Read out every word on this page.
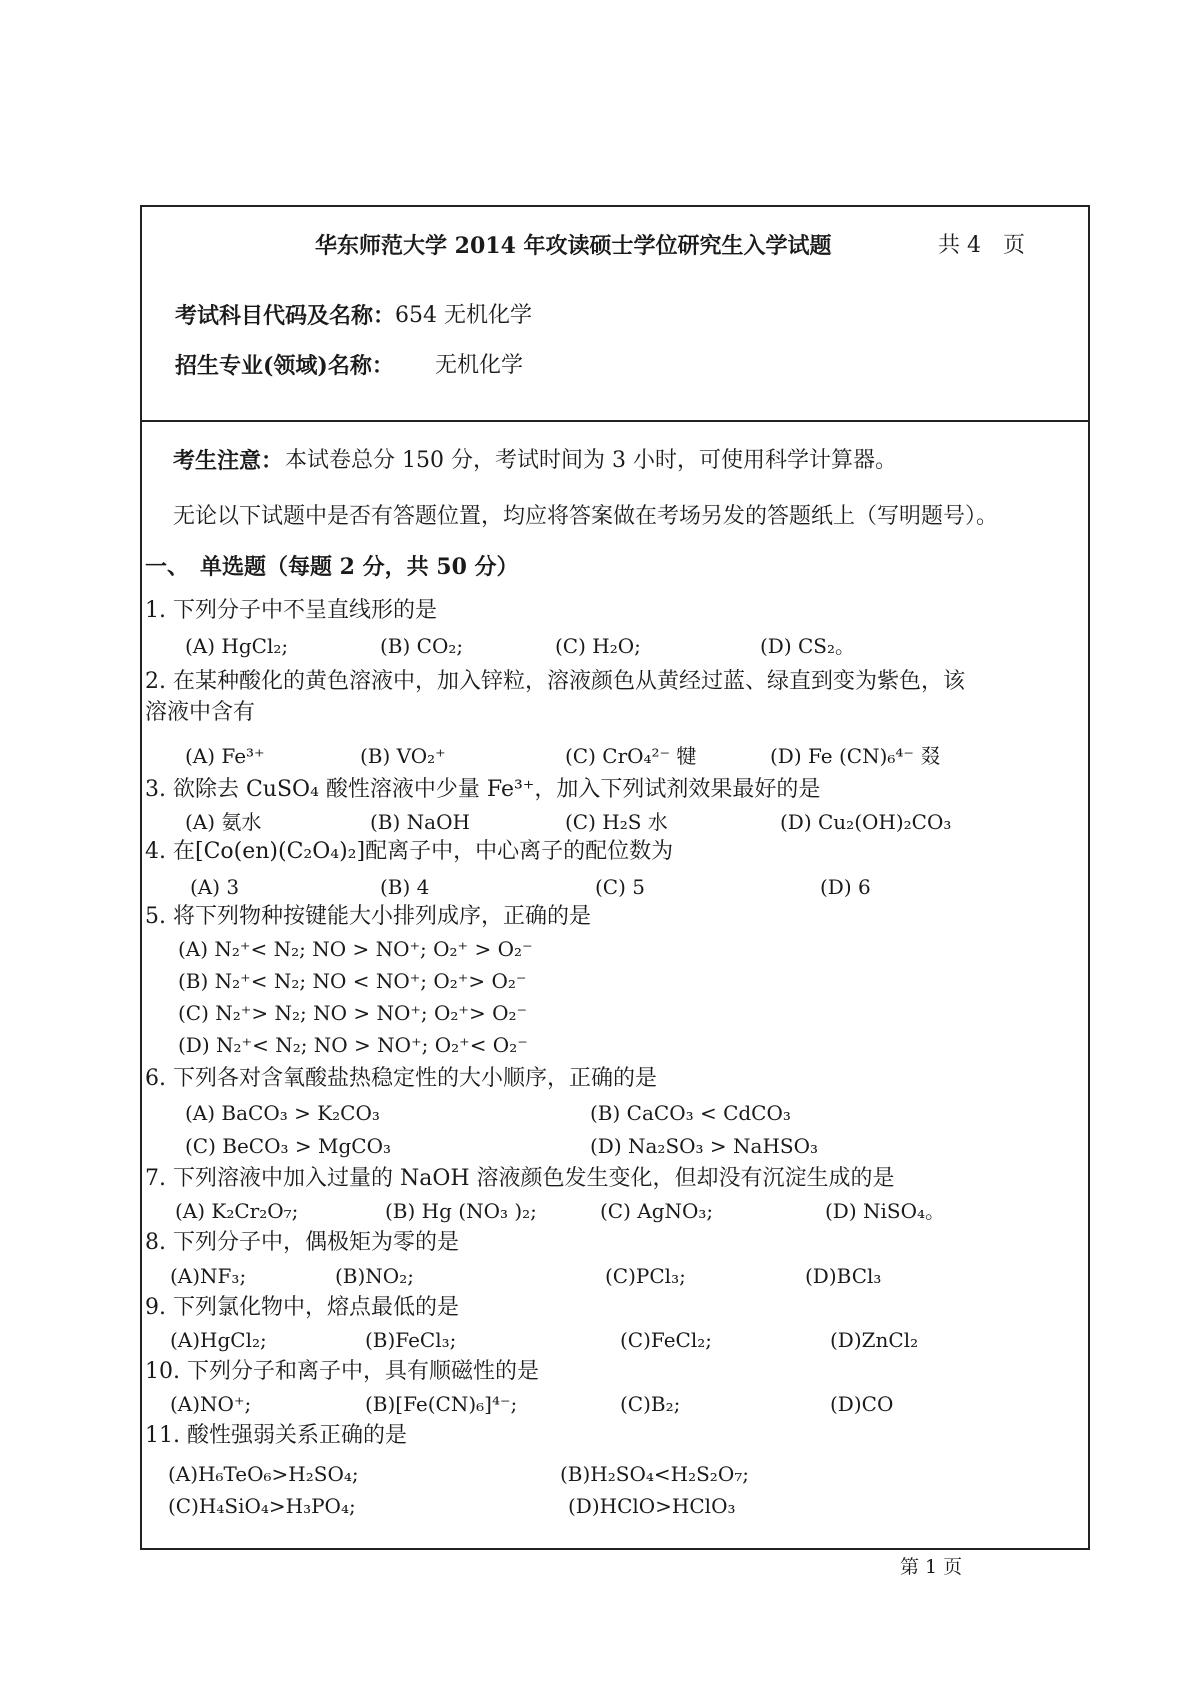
华东师范大学 2014 年攻读硕士学位研究生入学试题	共 4　页
考试科目代码及名称： 654 无机化学
招生专业(领域)名称： 无机化学
考生注意： 本试卷总分 150 分，考试时间为 3 小时，可使用科学计算器。
无论以下试题中是否有答题位置，均应将答案做在考场另发的答题纸上（写明题号）。
一、　单选题（每题 2 分，共 50 分）
1. 下列分子中不呈直线形的是
(A) HgCl₂;	(B) CO₂;	(C) H₂O;	(D) CS₂。
2. 在某种酸化的黄色溶液中，加入锌粒，溶液颜色从黄经过蓝、绿直到变为紫色，该
溶液中含有
(A) Fe³⁺	(B) VO₂⁺	(C) CrO₄²⁻ 犍	(D) Fe (CN)₆⁴⁻ 叕
3. 欲除去 CuSO₄ 酸性溶液中少量 Fe³⁺，加入下列试剂效果最好的是
(A) 氨水	(B) NaOH	(C) H₂S 水	(D) Cu₂(OH)₂CO₃
4. 在[Co(en)(C₂O₄)₂]配离子中，中心离子的配位数为
(A) 3	(B) 4	(C) 5	(D) 6
5. 将下列物种按键能大小排列成序，正确的是
(A) N₂⁺< N₂; NO > NO⁺; O₂⁺ > O₂⁻
(B) N₂⁺< N₂; NO < NO⁺; O₂⁺> O₂⁻
(C) N₂⁺> N₂; NO > NO⁺; O₂⁺> O₂⁻
(D) N₂⁺< N₂; NO > NO⁺; O₂⁺< O₂⁻
6. 下列各对含氧酸盐热稳定性的大小顺序，正确的是
(A) BaCO₃ > K₂CO₃	(B) CaCO₃ < CdCO₃
(C) BeCO₃ > MgCO₃	(D) Na₂SO₃ > NaHSO₃
7. 下列溶液中加入过量的 NaOH 溶液颜色发生变化，但却没有沉淀生成的是
(A) K₂Cr₂O₇;	(B) Hg (NO₃ )₂;	(C) AgNO₃;	(D) NiSO₄。
8. 下列分子中，偶极矩为零的是
(A)NF₃;	(B)NO₂;	(C)PCl₃;	(D)BCl₃
9. 下列氯化物中，熔点最低的是
(A)HgCl₂;	(B)FeCl₃;	(C)FeCl₂;	(D)ZnCl₂
10. 下列分子和离子中，具有顺磁性的是
(A)NO⁺;	(B)[Fe(CN)₆]⁴⁻;	(C)B₂;	(D)CO
11. 酸性强弱关系正确的是
(A)H₆TeO₆>H₂SO₄;	(B)H₂SO₄<H₂S₂O₇;
(C)H₄SiO₄>H₃PO₄;	(D)HClO>HClO₃
第 1 页
